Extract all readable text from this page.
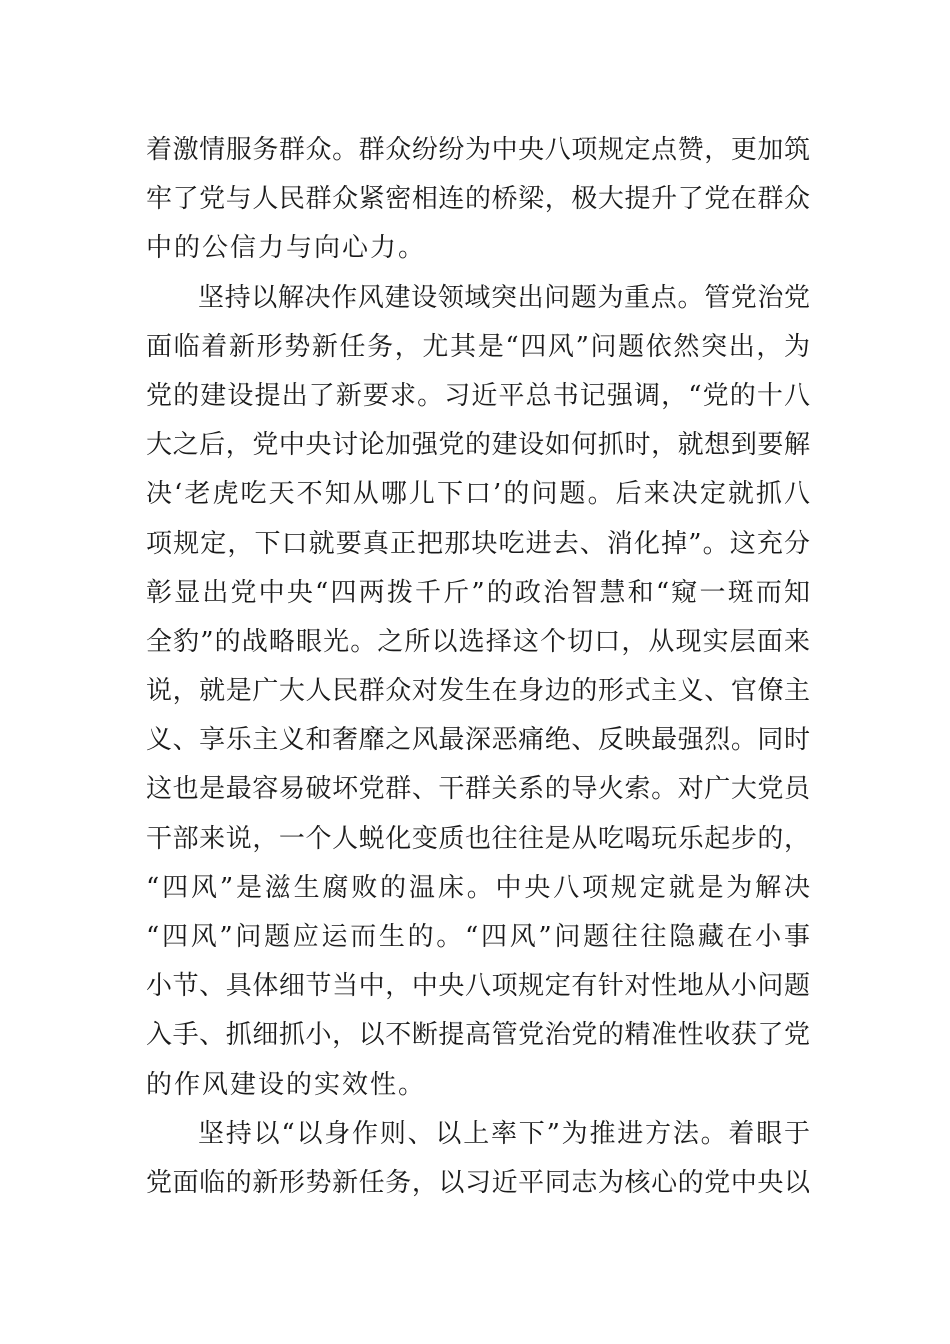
着激情服务群众。群众纷纷为中央八项规定点赞，更加筑
牢了党与人民群众紧密相连的桥梁，极大提升了党在群众
中的公信力与向心力。
坚持以解决作风建设领域突出问题为重点。管党治党
面临着新形势新任务，尤其是“四风”问题依然突出，为
党的建设提出了新要求。习近平总书记强调，“党的十八
大之后，党中央讨论加强党的建设如何抓时，就想到要解
决‘老虎吃天不知从哪儿下口’的问题。后来决定就抓八
项规定，下口就要真正把那块吃进去、消化掉”。这充分
彰显出党中央“四两拨千斤”的政治智慧和“窥一斑而知
全豹”的战略眼光。之所以选择这个切口，从现实层面来
说，就是广大人民群众对发生在身边的形式主义、官僚主
义、享乐主义和奢靡之风最深恶痛绝、反映最强烈。同时
这也是最容易破坏党群、干群关系的导火索。对广大党员
干部来说，一个人蜕化变质也往往是从吃喝玩乐起步的，
“四风”是滋生腐败的温床。中央八项规定就是为解决
“四风”问题应运而生的。“四风”问题往往隐藏在小事
小节、具体细节当中，中央八项规定有针对性地从小问题
入手、抓细抓小，以不断提高管党治党的精准性收获了党
的作风建设的实效性。
坚持以“以身作则、以上率下”为推进方法。着眼于
党面临的新形势新任务，以习近平同志为核心的党中央以
